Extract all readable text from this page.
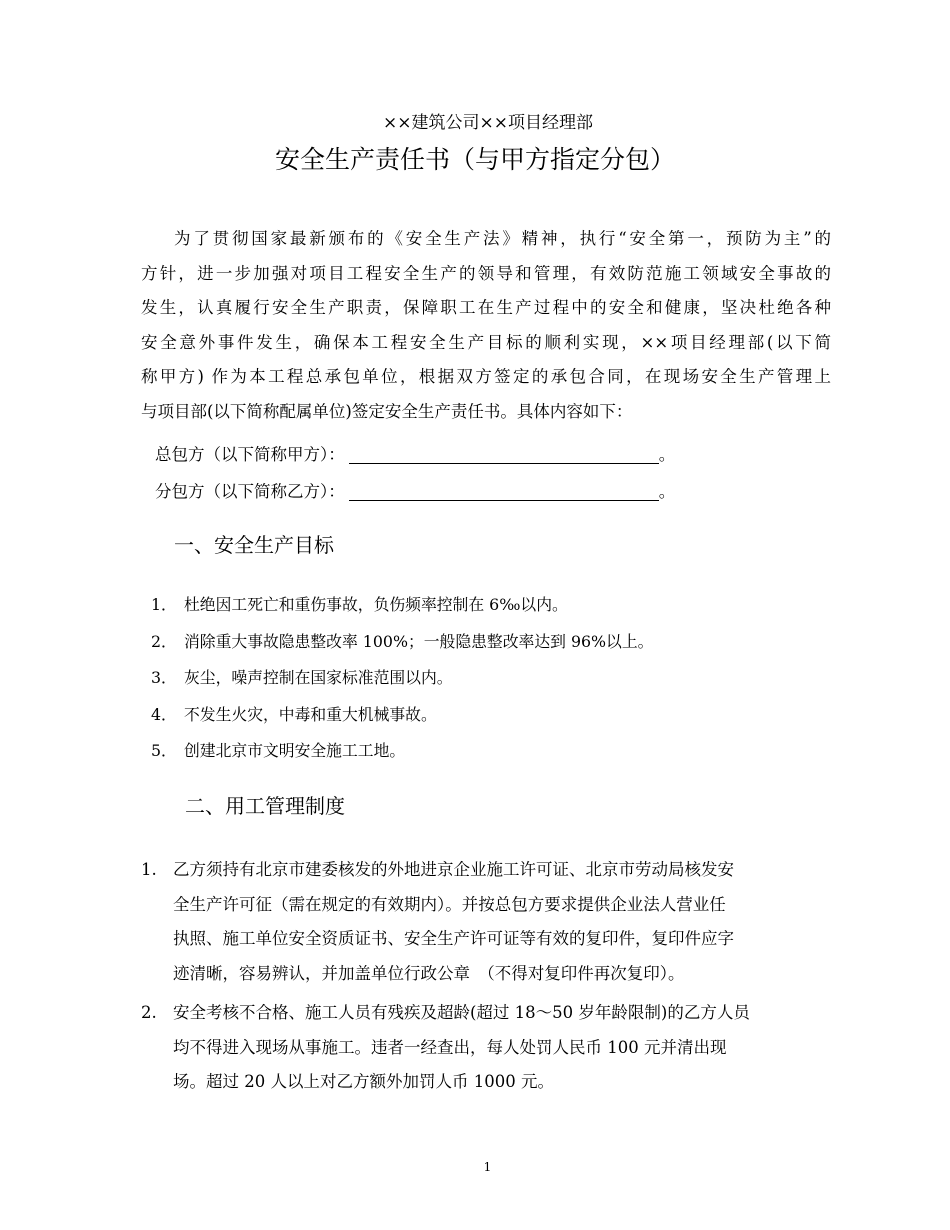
××建筑公司××项目经理部
安全生产责任书（与甲方指定分包）
为了贯彻国家最新颁布的《安全生产法》精神，执行“安全第一，预防为主”的
方针，进一步加强对项目工程安全生产的领导和管理，有效防范施工领域安全事故的
发生，认真履行安全生产职责，保障职工在生产过程中的安全和健康，坚决杜绝各种
安全意外事件发生，确保本工程安全生产目标的顺利实现，××项目经理部(以下简
称甲方) 作为本工程总承包单位，根据双方签定的承包合同，在现场安全生产管理上
与项目部(以下简称配属单位)签定安全生产责任书。具体内容如下：
总包方（以下简称甲方）：	。
分包方（以下简称乙方）：	。
一、安全生产目标
1． 杜绝因工死亡和重伤事故，负伤频率控制在 6‰以内。
2． 消除重大事故隐患整改率 100%；一般隐患整改率达到 96%以上。
3． 灰尘，噪声控制在国家标准范围以内。
4． 不发生火灾，中毒和重大机械事故。
5． 创建北京市文明安全施工工地。
二、用工管理制度
1. 乙方须持有北京市建委核发的外地进京企业施工许可证、北京市劳动局核发安
全生产许可征（需在规定的有效期内）。并按总包方要求提供企业法人营业任
执照、施工单位安全资质证书、安全生产许可证等有效的复印件，复印件应字
迹清晰，容易辨认，并加盖单位行政公章　（不得对复印件再次复印）。
2. 安全考核不合格、施工人员有残疾及超龄(超过 18～50 岁年龄限制)的乙方人员
均不得进入现场从事施工。违者一经查出，每人处罚人民币 100 元并清出现
场。超过 20 人以上对乙方额外加罚人币 1000 元。
1
